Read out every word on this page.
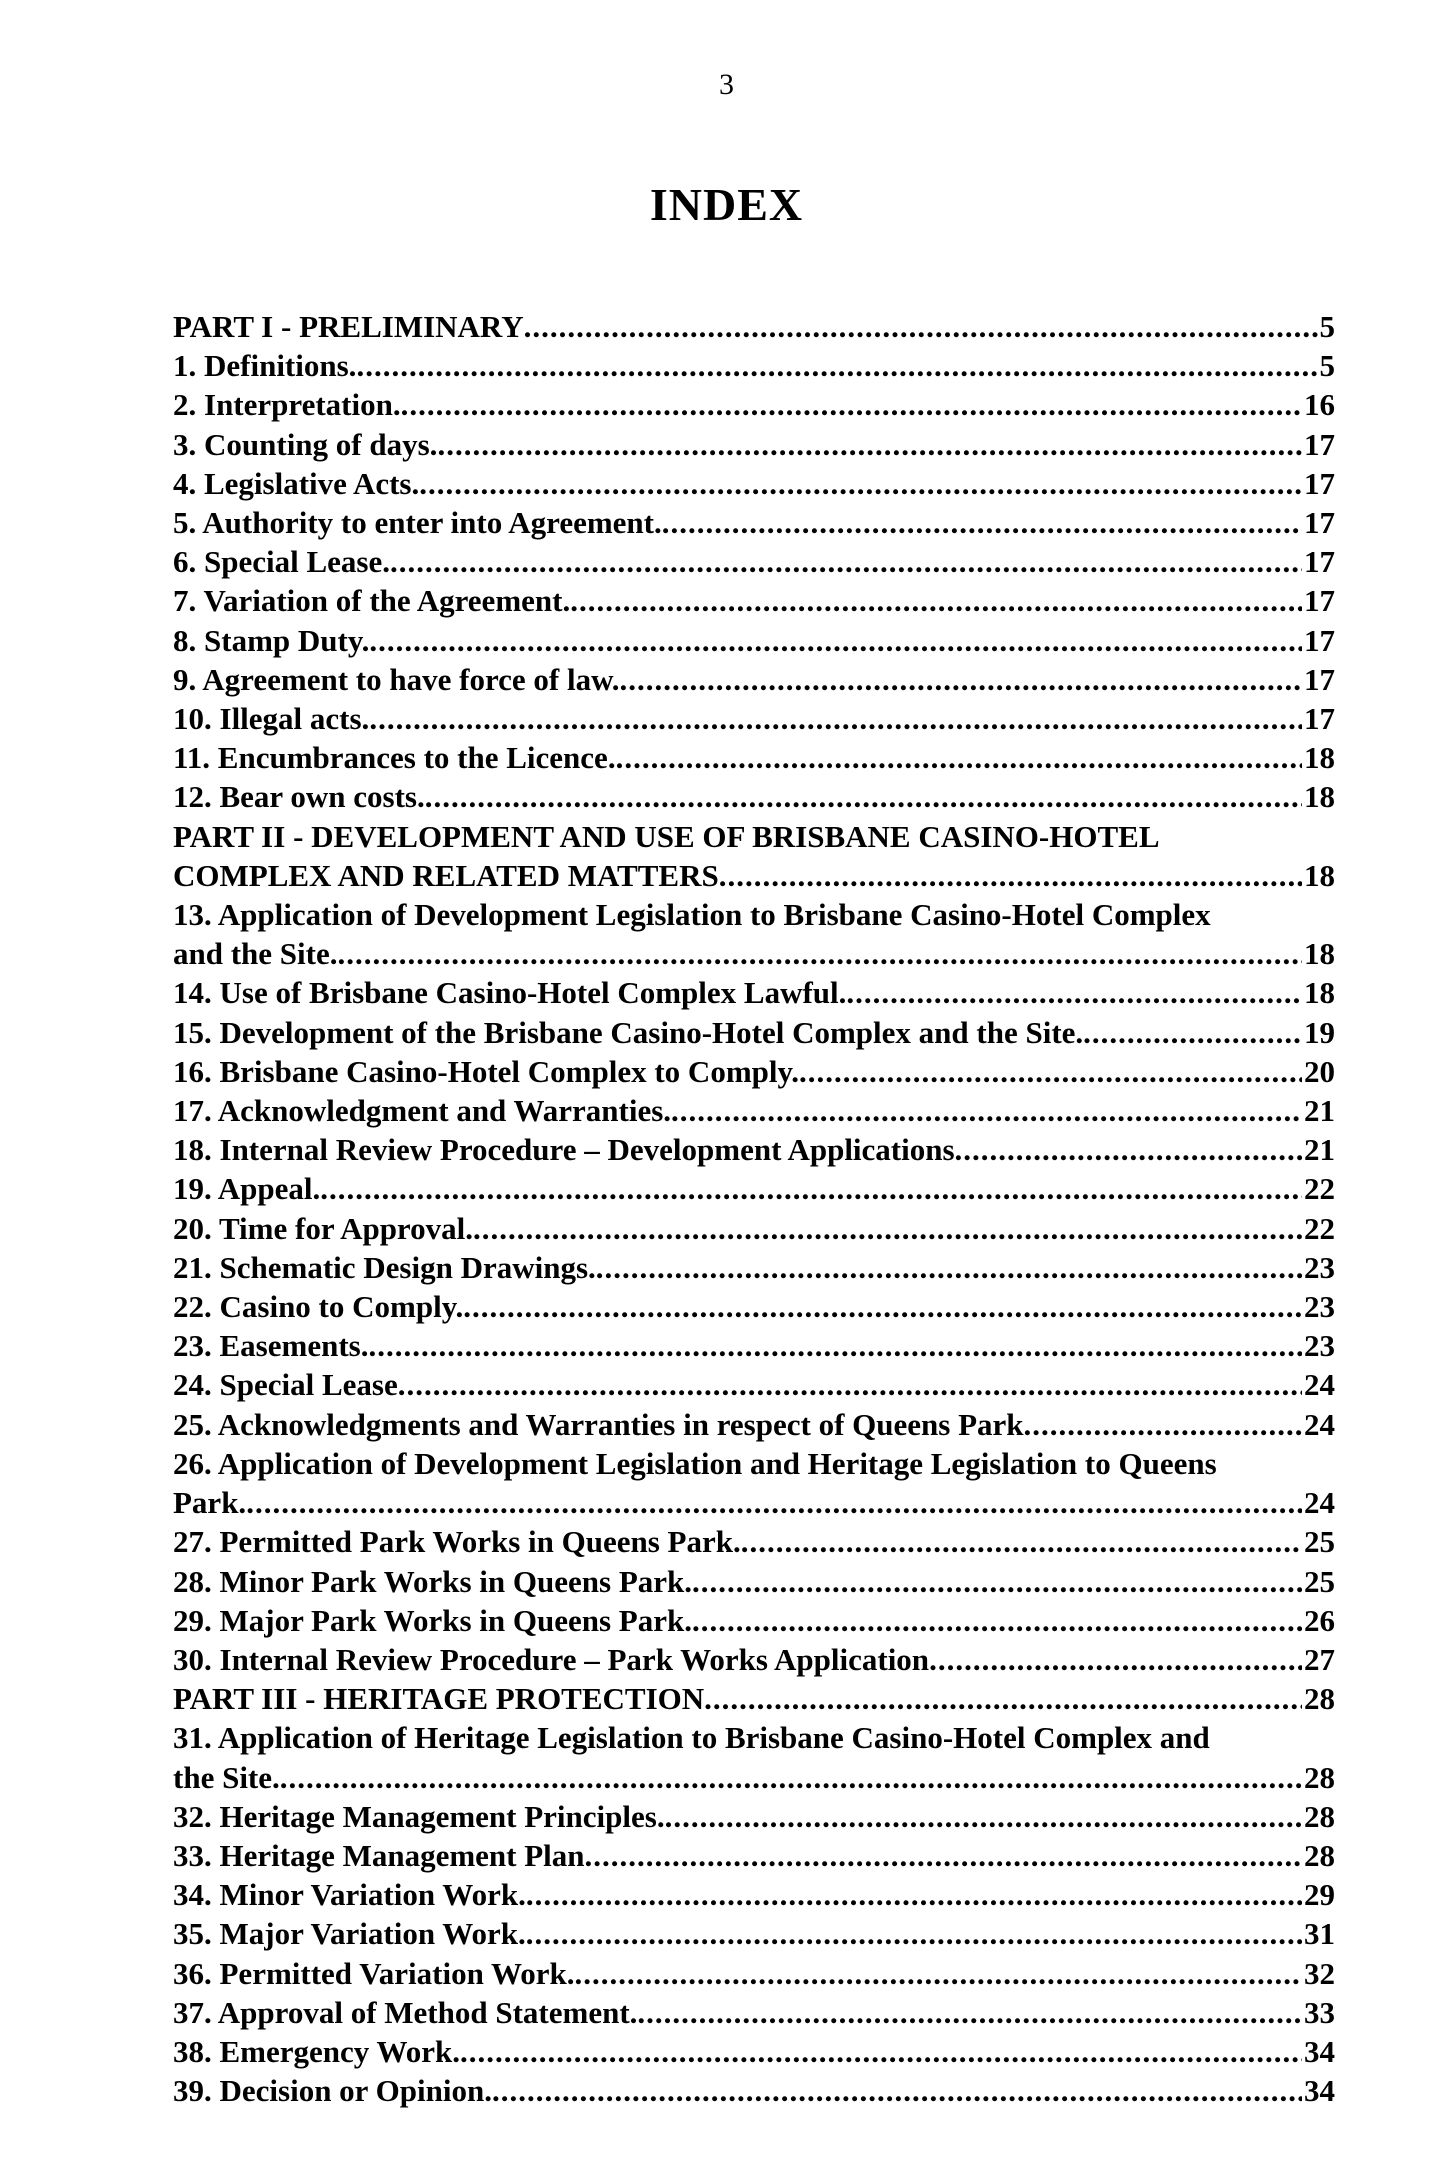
3
INDEX
PART I - PRELIMINARY .....	5
1. Definitions. .....	5
2. Interpretation. .....	16
3. Counting of days. .....	17
4. Legislative Acts. .....	17
5. Authority to enter into Agreement. .....	17
6. Special Lease. .....	17
7. Variation of the Agreement. .....	17
8. Stamp Duty. .....	17
9. Agreement to have force of law. .....	17
10. Illegal acts. .....	17
11. Encumbrances to the Licence. .....	18
12. Bear own costs. .....	18
PART II - DEVELOPMENT AND USE OF BRISBANE CASINO-HOTEL
COMPLEX AND RELATED MATTERS .....	18
13. Application of Development Legislation to Brisbane Casino-Hotel Complex
and the Site. .....	18
14. Use of Brisbane Casino-Hotel Complex Lawful. .....	18
15. Development of the Brisbane Casino-Hotel Complex and the Site. .....	19
16. Brisbane Casino-Hotel Complex to Comply. .....	20
17. Acknowledgment and Warranties. .....	21
18. Internal Review Procedure – Development Applications .....	21
19. Appeal. .....	22
20. Time for Approval. .....	22
21. Schematic Design Drawings. .....	23
22. Casino to Comply. .....	23
23. Easements. .....	23
24. Special Lease .....	24
25. Acknowledgments and Warranties in respect of Queens Park .....	24
26. Application of Development Legislation and Heritage Legislation to Queens
Park. .....	24
27. Permitted Park Works in Queens Park. .....	25
28. Minor Park Works in Queens Park. .....	25
29. Major Park Works in Queens Park. .....	26
30. Internal Review Procedure – Park Works Application .....	27
PART III - HERITAGE PROTECTION .....	28
31. Application of Heritage Legislation to Brisbane Casino-Hotel Complex and
the Site. .....	28
32. Heritage Management Principles. .....	28
33. Heritage Management Plan .....	28
34. Minor Variation Work. .....	29
35. Major Variation Work. .....	31
36. Permitted Variation Work. .....	32
37. Approval of Method Statement. .....	33
38. Emergency Work. .....	34
39. Decision or Opinion. .....	34
